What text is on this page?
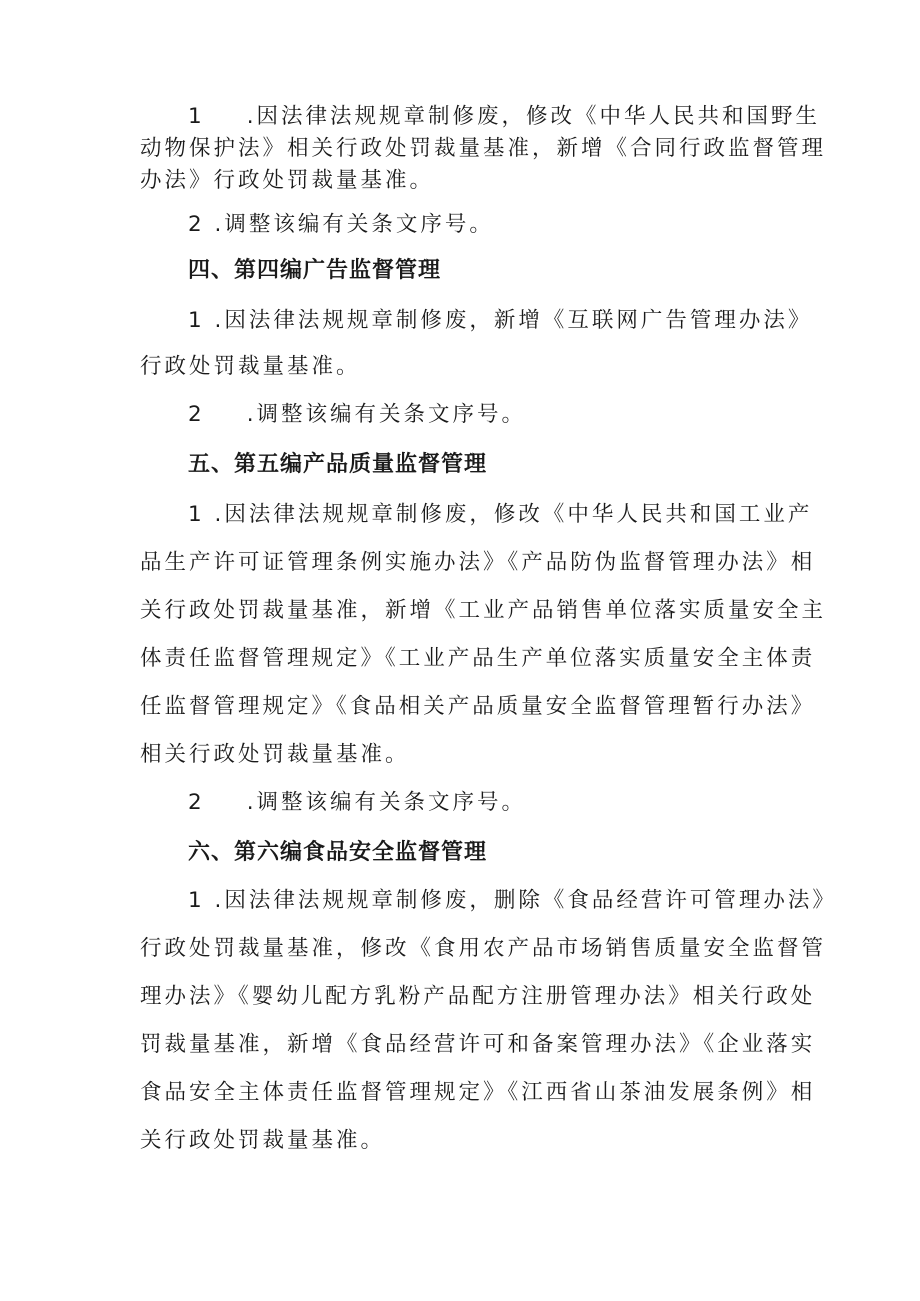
1 .因法律法规规章制修废，修改《中华人民共和国野生
动物保护法》相关行政处罚裁量基准，新增《合同行政监督管理
办法》行政处罚裁量基准。
2 .调整该编有关条文序号。
四、第四编广告监督管理
1 .因法律法规规章制修废，新增《互联网广告管理办法》
行政处罚裁量基准。
2 .调整该编有关条文序号。
五、第五编产品质量监督管理
1 .因法律法规规章制修废，修改《中华人民共和国工业产
品生产许可证管理条例实施办法》《产品防伪监督管理办法》相
关行政处罚裁量基准，新增《工业产品销售单位落实质量安全主
体责任监督管理规定》《工业产品生产单位落实质量安全主体责
任监督管理规定》《食品相关产品质量安全监督管理暂行办法》
相关行政处罚裁量基准。
2 .调整该编有关条文序号。
六、第六编食品安全监督管理
1 .因法律法规规章制修废，删除《食品经营许可管理办法》
行政处罚裁量基准，修改《食用农产品市场销售质量安全监督管
理办法》《婴幼儿配方乳粉产品配方注册管理办法》相关行政处
罚裁量基准，新增《食品经营许可和备案管理办法》《企业落实
食品安全主体责任监督管理规定》《江西省山茶油发展条例》相
关行政处罚裁量基准。
